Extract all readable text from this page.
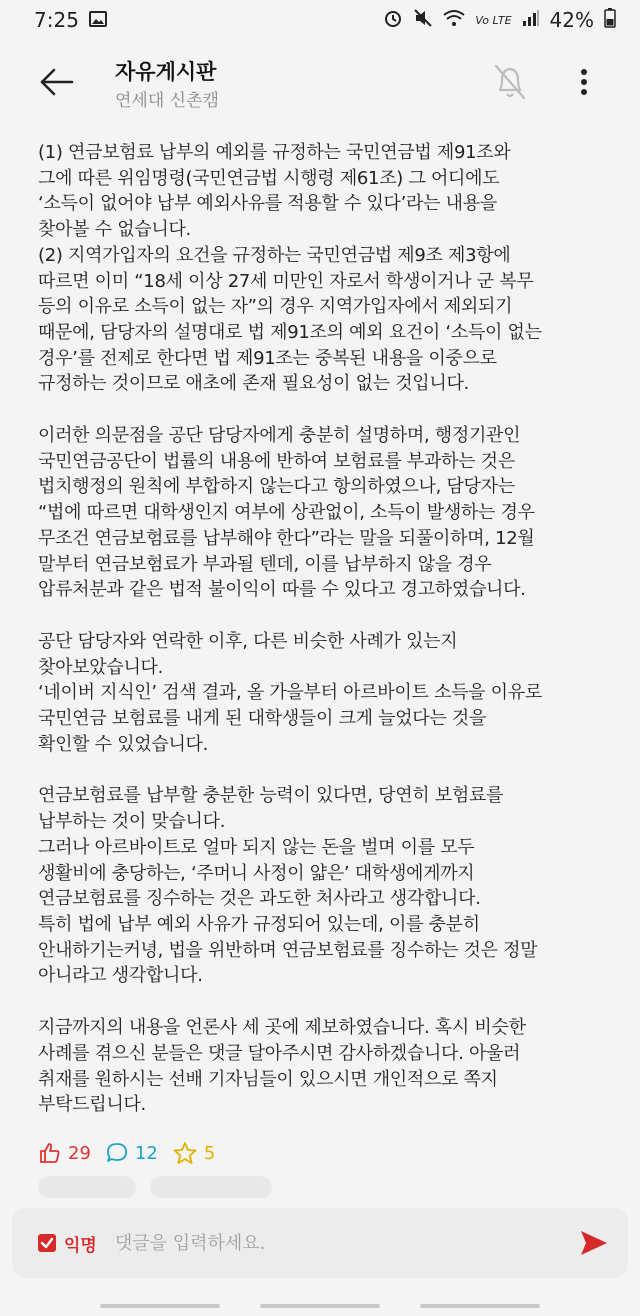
7:25	Vo LTE 42%
자유게시판
연세대 신촌캠
(1) 연금보험료 납부의 예외를 규정하는 국민연금법 제91조와
그에 따른 위임명령(국민연금법 시행령 제61조) 그 어디에도
‘소득이 없어야 납부 예외사유를 적용할 수 있다’라는 내용을
찾아볼 수 없습니다.
(2) 지역가입자의 요건을 규정하는 국민연금법 제9조 제3항에
따르면 이미 “18세 이상 27세 미만인 자로서 학생이거나 군 복무
등의 이유로 소득이 없는 자”의 경우 지역가입자에서 제외되기
때문에, 담당자의 설명대로 법 제91조의 예외 요건이 ‘소득이 없는
경우’를 전제로 한다면 법 제91조는 중복된 내용을 이중으로
규정하는 것이므로 애초에 존재 필요성이 없는 것입니다.
이러한 의문점을 공단 담당자에게 충분히 설명하며, 행정기관인
국민연금공단이 법률의 내용에 반하여 보험료를 부과하는 것은
법치행정의 원칙에 부합하지 않는다고 항의하였으나, 담당자는
“법에 따르면 대학생인지 여부에 상관없이, 소득이 발생하는 경우
무조건 연금보험료를 납부해야 한다”라는 말을 되풀이하며, 12월
말부터 연금보험료가 부과될 텐데, 이를 납부하지 않을 경우
압류처분과 같은 법적 불이익이 따를 수 있다고 경고하였습니다.
공단 담당자와 연락한 이후, 다른 비슷한 사례가 있는지
찾아보았습니다.
‘네이버 지식인’ 검색 결과, 올 가을부터 아르바이트 소득을 이유로
국민연금 보험료를 내게 된 대학생들이 크게 늘었다는 것을
확인할 수 있었습니다.
연금보험료를 납부할 충분한 능력이 있다면, 당연히 보험료를
납부하는 것이 맞습니다.
그러나 아르바이트로 얼마 되지 않는 돈을 벌며 이를 모두
생활비에 충당하는, ‘주머니 사정이 얇은’ 대학생에게까지
연금보험료를 징수하는 것은 과도한 처사라고 생각합니다.
특히 법에 납부 예외 사유가 규정되어 있는데, 이를 충분히
안내하기는커녕, 법을 위반하며 연금보험료를 징수하는 것은 정말
아니라고 생각합니다.
지금까지의 내용을 언론사 세 곳에 제보하였습니다. 혹시 비슷한
사례를 겪으신 분들은 댓글 달아주시면 감사하겠습니다. 아울러
취재를 원하시는 선배 기자님들이 있으시면 개인적으로 쪽지
부탁드립니다.
29 12	5
익명
댓글을 입력하세요.
